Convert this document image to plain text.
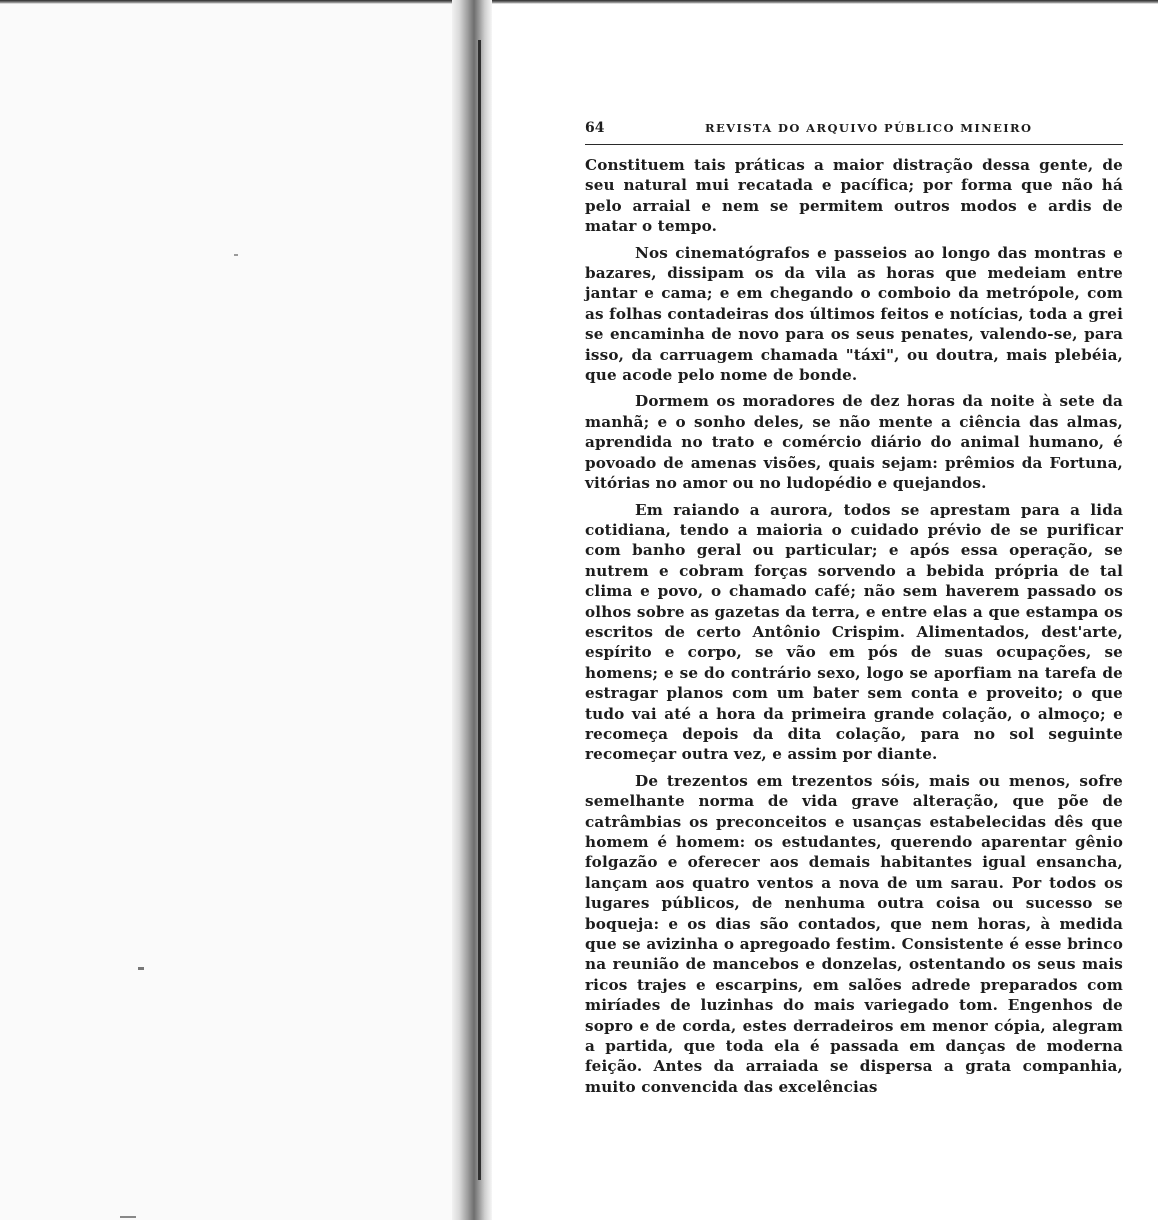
64	REVISTA DO ARQUIVO PÚBLICO MINEIRO

Constituem tais práticas a maior distração dessa gente, de seu natural mui recatada e pacífica; por forma que não há pelo arraial e nem se permitem outros modos e ardis de matar o tempo.

Nos cinematógrafos e passeios ao longo das montras e bazares, dissipam os da vila as horas que medeiam entre jantar e cama; e em chegando o comboio da metrópole, com as folhas contadeiras dos últimos feitos e notícias, toda a grei se encaminha de novo para os seus penates, valendo-se, para isso, da carruagem chamada "táxi", ou doutra, mais plebéia, que acode pelo nome de bonde.

Dormem os moradores de dez horas da noite à sete da manhã; e o sonho deles, se não mente a ciência das almas, aprendida no trato e comércio diário do animal humano, é povoado de amenas visões, quais sejam: prêmios da Fortuna, vitórias no amor ou no ludopédio e quejandos.

Em raiando a aurora, todos se aprestam para a lida cotidiana, tendo a maioria o cuidado prévio de se purificar com banho geral ou particular; e após essa operação, se nutrem e cobram forças sorvendo a bebida própria de tal clima e povo, o chamado café; não sem haverem passado os olhos sobre as gazetas da terra, e entre elas a que estampa os escritos de certo Antônio Crispim. Alimentados, dest'arte, espírito e corpo, se vão em pós de suas ocupações, se homens; e se do contrário sexo, logo se aporfiam na tarefa de estragar planos com um bater sem conta e proveito; o que tudo vai até a hora da primeira grande colação, o almoço; e recomeça depois da dita colação, para no sol seguinte recomeçar outra vez, e assim por diante.

De trezentos em trezentos sóis, mais ou menos, sofre semelhante norma de vida grave alteração, que põe de catrâmbias os preconceitos e usanças estabelecidas dês que homem é homem: os estudantes, querendo aparentar gênio folgazão e oferecer aos demais habitantes igual ensancha, lançam aos quatro ventos a nova de um sarau. Por todos os lugares públicos, de nenhuma outra coisa ou sucesso se boqueja: e os dias são contados, que nem horas, à medida que se avizinha o apregoado festim. Consistente é esse brinco na reunião de mancebos e donzelas, ostentando os seus mais ricos trajes e escarpins, em salões adrede preparados com miríades de luzinhas do mais variegado tom. Engenhos de sopro e de corda, estes derradeiros em menor cópia, alegram a partida, que toda ela é passada em danças de moderna feição. Antes da arraiada se dispersa a grata companhia, muito convencida das excelências
